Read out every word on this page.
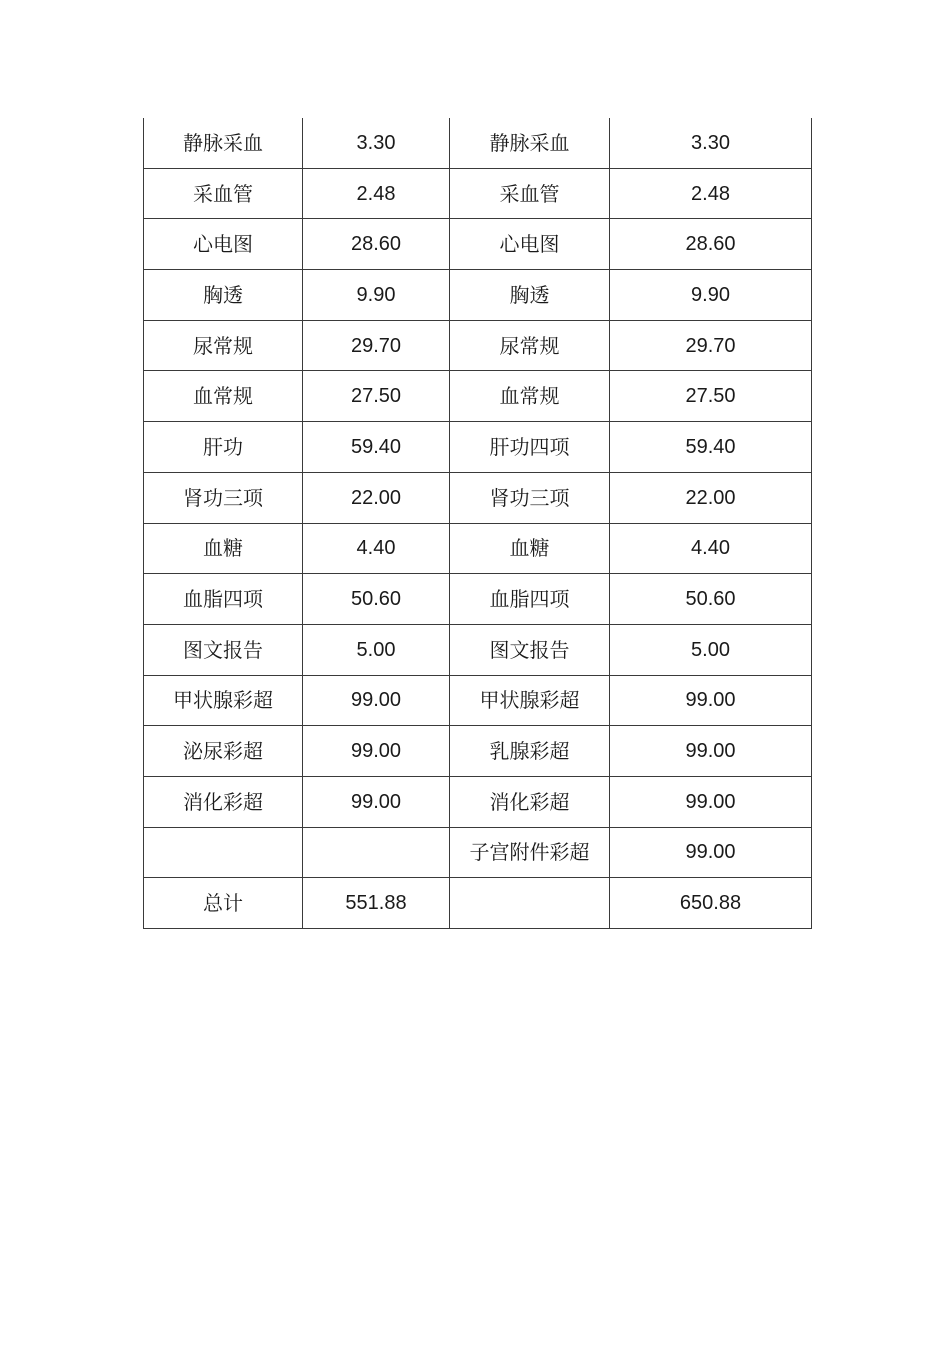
静脉采血	3.30	静脉采血	3.30
采血管	2.48	采血管	2.48
心电图	28.60	心电图	28.60
胸透	9.90	胸透	9.90
尿常规	29.70	尿常规	29.70
血常规	27.50	血常规	27.50
肝功	59.40	肝功四项	59.40
肾功三项	22.00	肾功三项	22.00
血糖	4.40	血糖	4.40
血脂四项	50.60	血脂四项	50.60
图文报告	5.00	图文报告	5.00
甲状腺彩超	99.00	甲状腺彩超	99.00
泌尿彩超	99.00	乳腺彩超	99.00
消化彩超	99.00	消化彩超	99.00
		子宫附件彩超	99.00
总计	551.88		650.88
